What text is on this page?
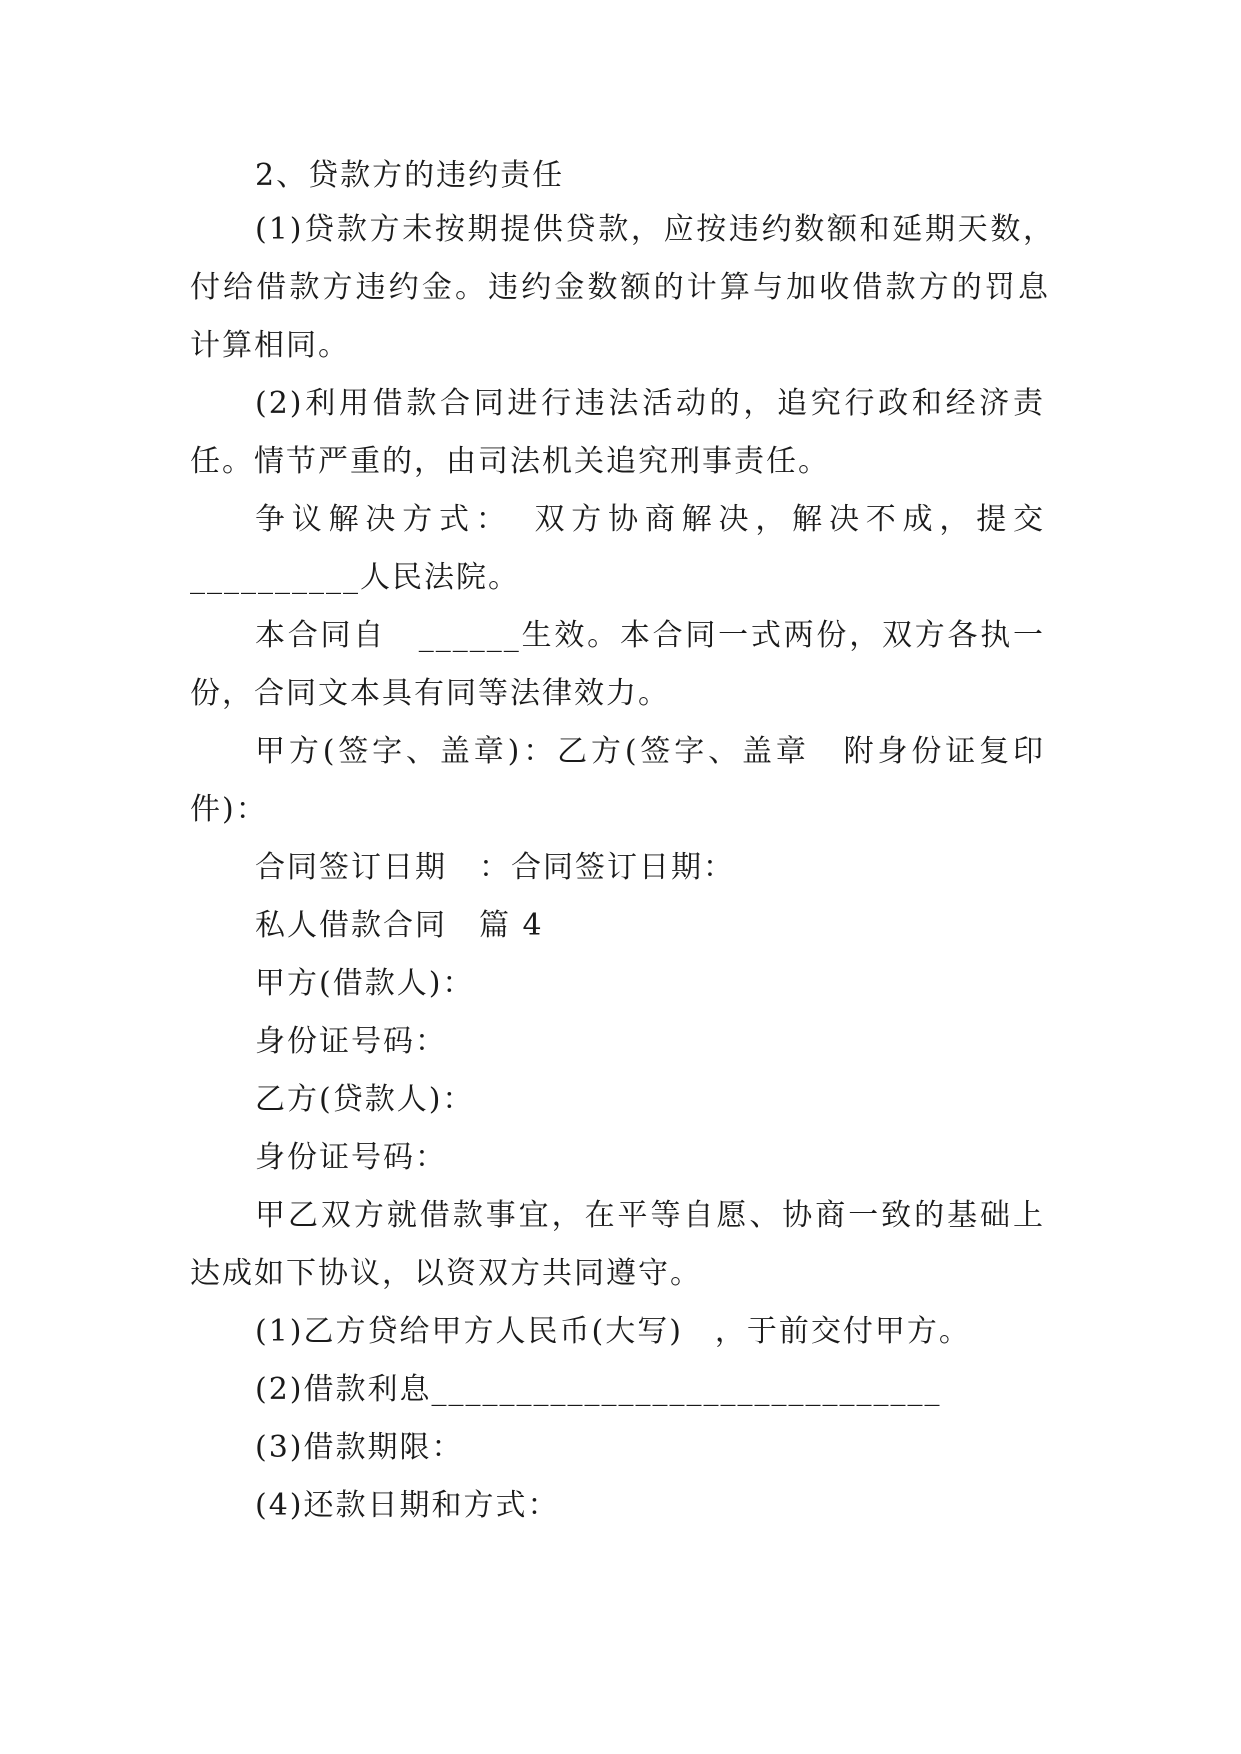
2、贷款方的违约责任
(1)贷款方未按期提供贷款，应按违约数额和延期天数，
付给借款方违约金。违约金数额的计算与加收借款方的罚息
计算相同。
(2)利用借款合同进行违法活动的，追究行政和经济责
任。情节严重的，由司法机关追究刑事责任。
争议解决方式：　双方协商解决，解决不成，提交
__________人民法院。
本合同自　______生效。本合同一式两份，双方各执一
份，合同文本具有同等法律效力。
甲方(签字、盖章)：乙方(签字、盖章　附身份证复印
件)：
合同签订日期　：合同签订日期：
私人借款合同　篇 4
甲方(借款人)：
身份证号码：
乙方(贷款人)：
身份证号码：
甲乙双方就借款事宜，在平等自愿、协商一致的基础上
达成如下协议，以资双方共同遵守。
(1)乙方贷给甲方人民币(大写)　，于前交付甲方。
(2)借款利息______________________________
(3)借款期限：
(4)还款日期和方式：
